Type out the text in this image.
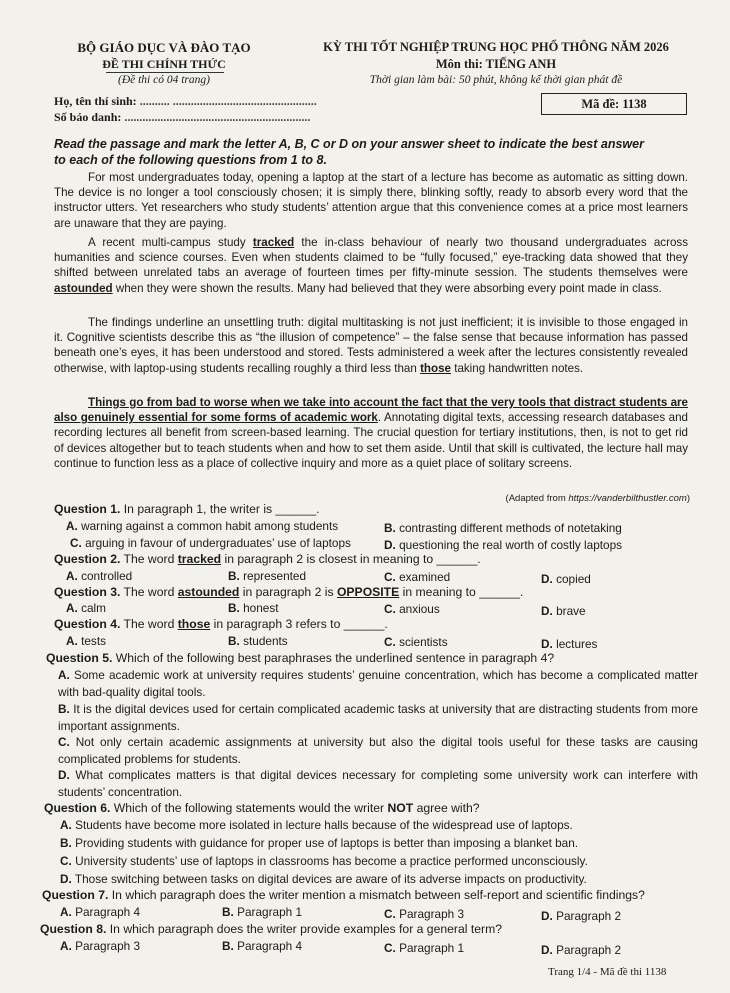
BỘ GIÁO DỤC VÀ ĐÀO TẠO
ĐỀ THI CHÍNH THỨC
(Đề thi có 04 trang)
KỲ THI TỐT NGHIỆP TRUNG HỌC PHỔ THÔNG NĂM 2026
Môn thi: TIẾNG ANH
Thời gian làm bài: 50 phút, không kể thời gian phát đề
Họ, tên thí sinh: .......... ................................................
Số báo danh: ..............................................................
Mã đề: 1138
Read the passage and mark the letter A, B, C or D on your answer sheet to indicate the best answer
to each of the following questions from 1 to 8.
For most undergraduates today, opening a laptop at the start of a lecture has become as automatic as sitting down. The device is no longer a tool consciously chosen; it is simply there, blinking softly, ready to absorb every word that the instructor utters. Yet researchers who study students’ attention argue that this convenience comes at a price most learners are unaware that they are paying.
A recent multi-campus study tracked the in-class behaviour of nearly two thousand undergraduates across humanities and science courses. Even when students claimed to be “fully focused,” eye-tracking data showed that they shifted between unrelated tabs an average of fourteen times per fifty-minute session. The students themselves were astounded when they were shown the results. Many had believed that they were absorbing every point made in class.
The findings underline an unsettling truth: digital multitasking is not just inefficient; it is invisible to those engaged in it. Cognitive scientists describe this as “the illusion of competence” – the false sense that because information has passed beneath one’s eyes, it has been understood and stored. Tests administered a week after the lectures consistently revealed otherwise, with laptop-using students recalling roughly a third less than those taking handwritten notes.
Things go from bad to worse when we take into account the fact that the very tools that distract students are also genuinely essential for some forms of academic work. Annotating digital texts, accessing research databases and recording lectures all benefit from screen-based learning. The crucial question for tertiary institutions, then, is not to get rid of devices altogether but to teach students when and how to set them aside. Until that skill is cultivated, the lecture hall may continue to function less as a place of collective inquiry and more as a quiet place of solitary screens.
(Adapted from https://vanderbilthustler.com)
Question 1. In paragraph 1, the writer is ______.
A. warning against a common habit among students	B. contrasting different methods of notetaking
C. arguing in favour of undergraduates’ use of laptops	D. questioning the real worth of costly laptops
Question 2. The word tracked in paragraph 2 is closest in meaning to ______.
A. controlled	B. represented	C. examined	D. copied
Question 3. The word astounded in paragraph 2 is OPPOSITE in meaning to ______.
A. calm	B. honest	C. anxious	D. brave
Question 4. The word those in paragraph 3 refers to ______.
A. tests	B. students	C. scientists	D. lectures
Question 5. Which of the following best paraphrases the underlined sentence in paragraph 4?
A. Some academic work at university requires students’ genuine concentration, which has become a complicated matter with bad-quality digital tools.
B. It is the digital devices used for certain complicated academic tasks at university that are distracting students from more important assignments.
C. Not only certain academic assignments at university but also the digital tools useful for these tasks are causing complicated problems for students.
D. What complicates matters is that digital devices necessary for completing some university work can interfere with students’ concentration.
Question 6. Which of the following statements would the writer NOT agree with?
A. Students have become more isolated in lecture halls because of the widespread use of laptops.
B. Providing students with guidance for proper use of laptops is better than imposing a blanket ban.
C. University students’ use of laptops in classrooms has become a practice performed unconsciously.
D. Those switching between tasks on digital devices are aware of its adverse impacts on productivity.
Question 7. In which paragraph does the writer mention a mismatch between self-report and scientific findings?
A. Paragraph 4	B. Paragraph 1	C. Paragraph 3	D. Paragraph 2
Question 8. In which paragraph does the writer provide examples for a general term?
A. Paragraph 3	B. Paragraph 4	C. Paragraph 1	D. Paragraph 2
Trang 1/4 - Mã đề thi 1138
